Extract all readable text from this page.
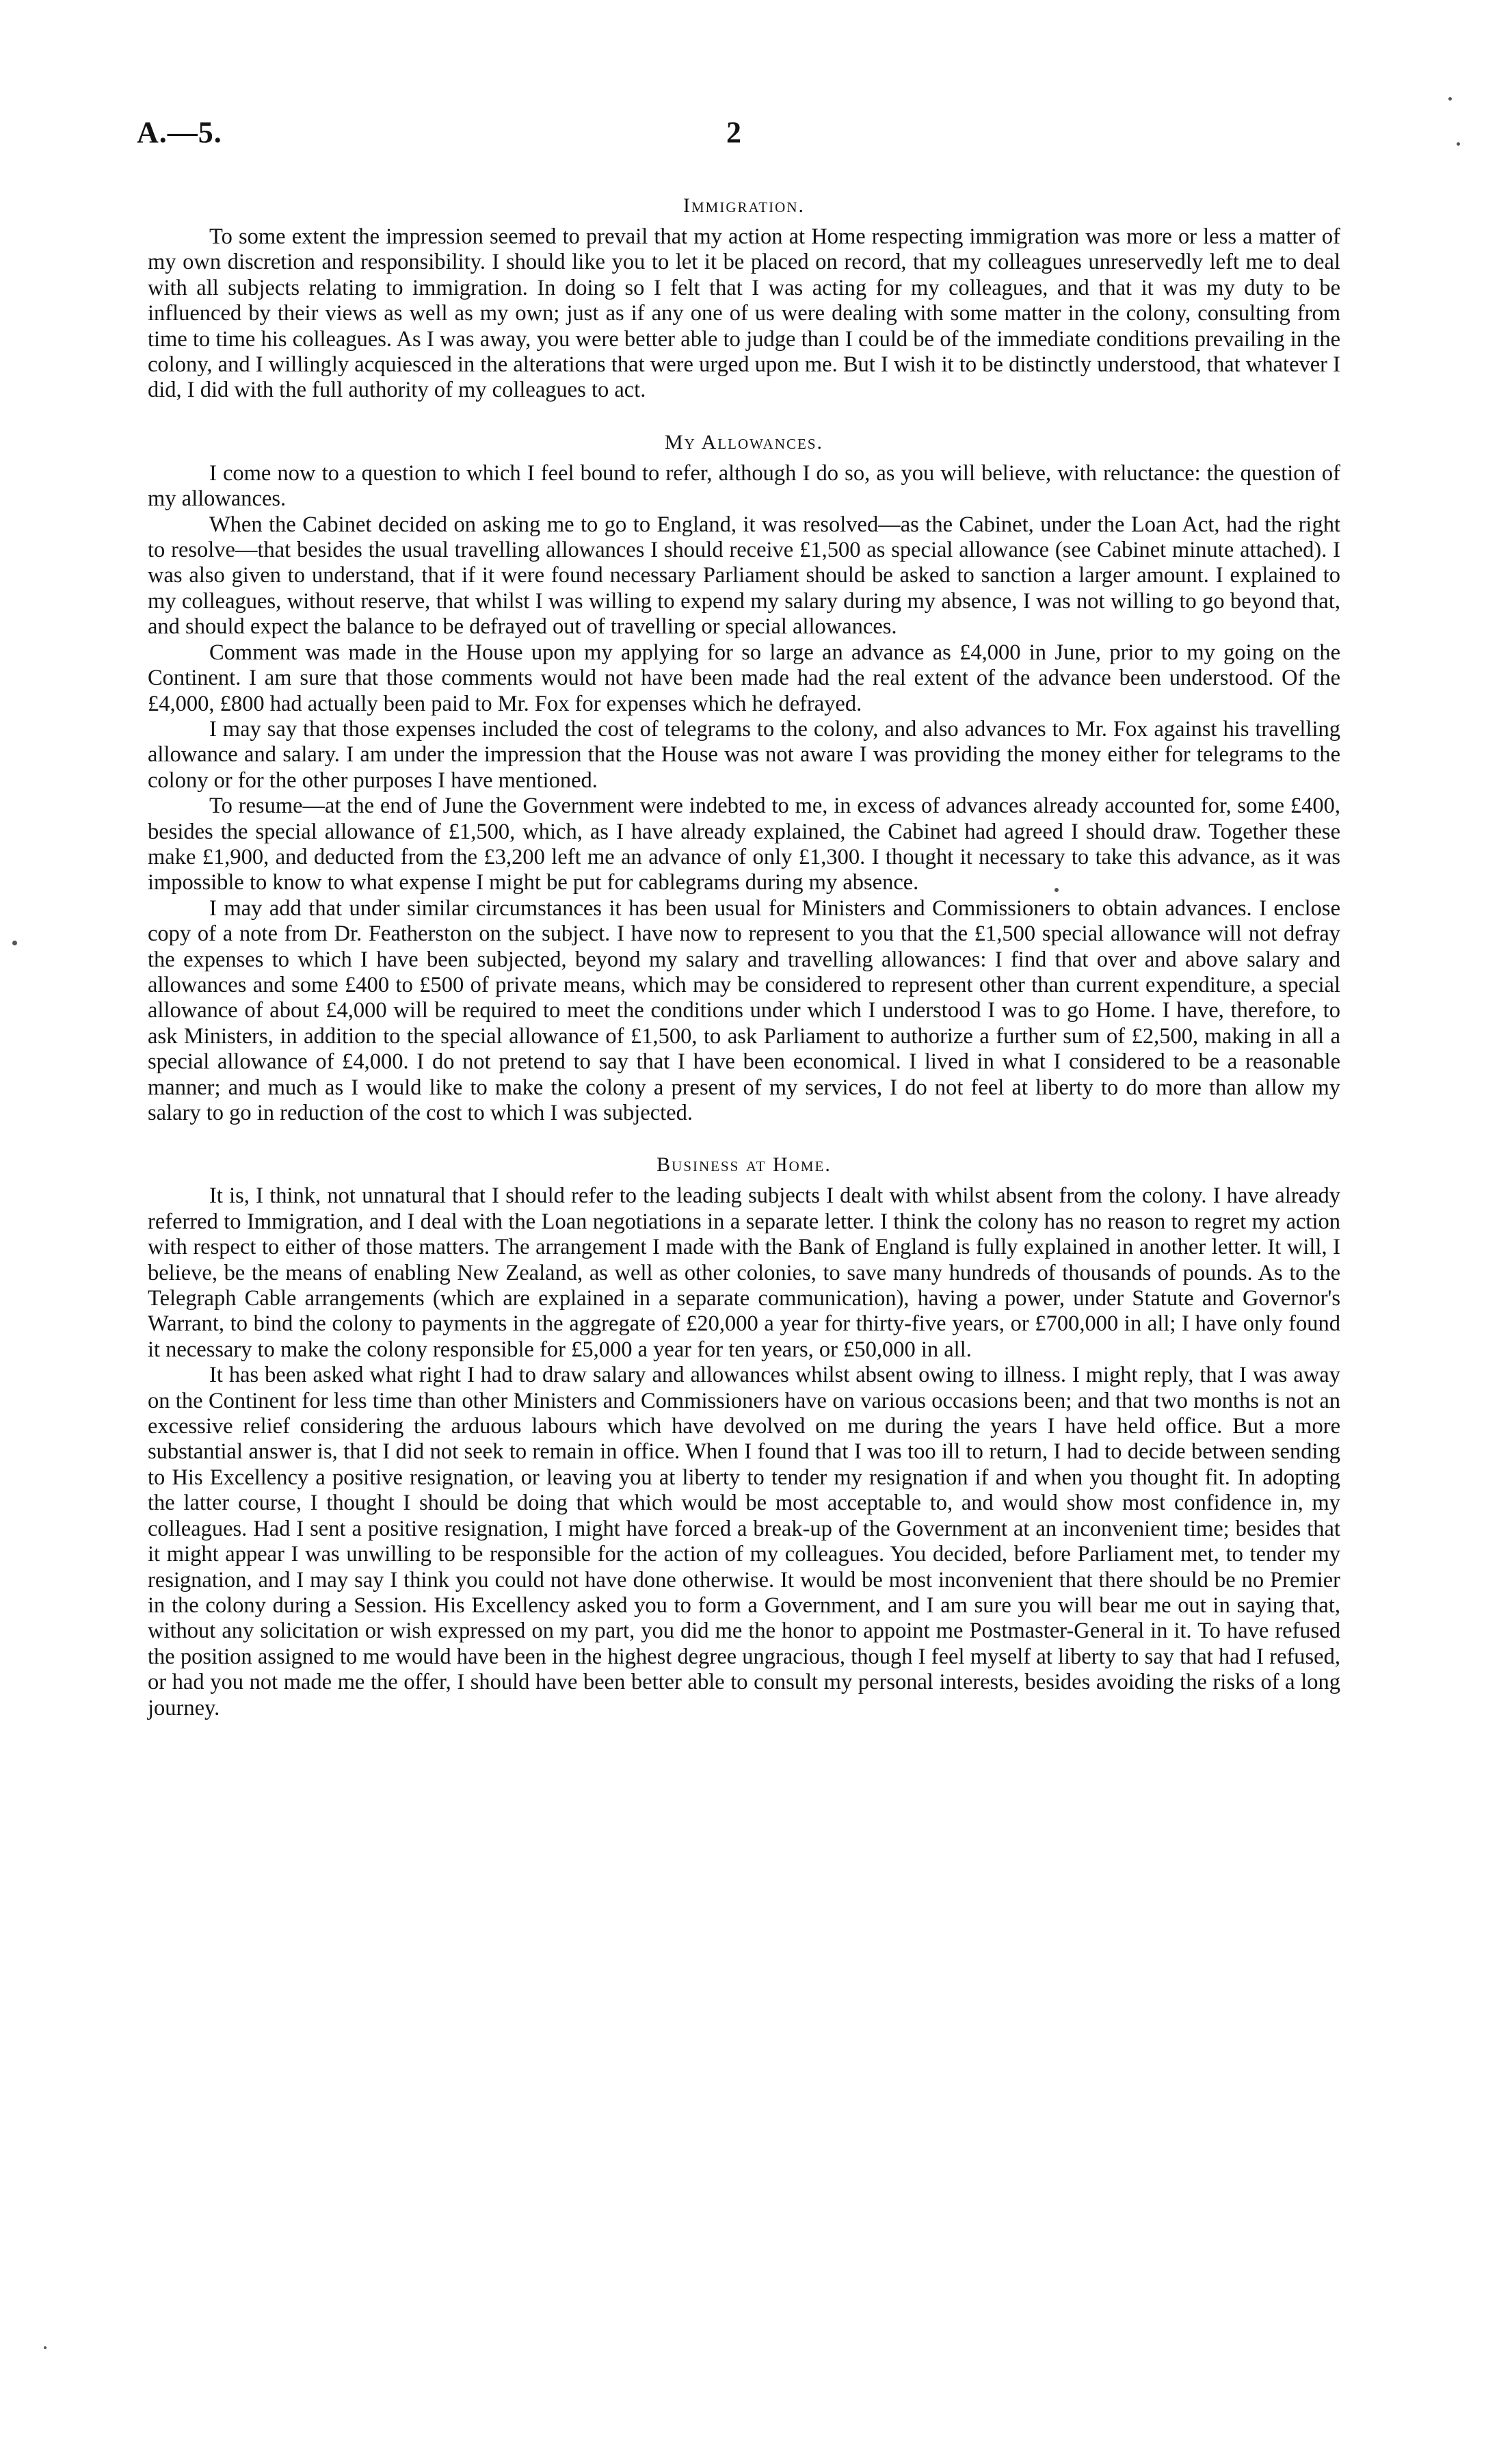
A.—5.	2
Immigration.

To some extent the impression seemed to prevail that my action at Home respecting immigration was more or less a matter of my own discretion and responsibility. I should like you to let it be placed on record, that my colleagues unreservedly left me to deal with all subjects relating to immigration. In doing so I felt that I was acting for my colleagues, and that it was my duty to be influenced by their views as well as my own; just as if any one of us were dealing with some matter in the colony, consulting from time to time his colleagues. As I was away, you were better able to judge than I could be of the immediate conditions prevailing in the colony, and I willingly acquiesced in the alterations that were urged upon me. But I wish it to be distinctly understood, that whatever I did, I did with the full authority of my colleagues to act.

My Allowances.

I come now to a question to which I feel bound to refer, although I do so, as you will believe, with reluctance: the question of my allowances.

When the Cabinet decided on asking me to go to England, it was resolved—as the Cabinet, under the Loan Act, had the right to resolve—that besides the usual travelling allowances I should receive £1,500 as special allowance (see Cabinet minute attached). I was also given to understand, that if it were found necessary Parliament should be asked to sanction a larger amount. I explained to my colleagues, without reserve, that whilst I was willing to expend my salary during my absence, I was not willing to go beyond that, and should expect the balance to be defrayed out of travelling or special allowances.

Comment was made in the House upon my applying for so large an advance as £4,000 in June, prior to my going on the Continent. I am sure that those comments would not have been made had the real extent of the advance been understood. Of the £4,000, £800 had actually been paid to Mr. Fox for expenses which he defrayed.

I may say that those expenses included the cost of telegrams to the colony, and also advances to Mr. Fox against his travelling allowance and salary. I am under the impression that the House was not aware I was providing the money either for telegrams to the colony or for the other purposes I have mentioned.

To resume—at the end of June the Government were indebted to me, in excess of advances already accounted for, some £400, besides the special allowance of £1,500, which, as I have already explained, the Cabinet had agreed I should draw. Together these make £1,900, and deducted from the £3,200 left me an advance of only £1,300. I thought it necessary to take this advance, as it was impossible to know to what expense I might be put for cablegrams during my absence.

I may add that under similar circumstances it has been usual for Ministers and Commissioners to obtain advances. I enclose copy of a note from Dr. Featherston on the subject. I have now to represent to you that the £1,500 special allowance will not defray the expenses to which I have been subjected, beyond my salary and travelling allowances: I find that over and above salary and allowances and some £400 to £500 of private means, which may be considered to represent other than current expenditure, a special allowance of about £4,000 will be required to meet the conditions under which I understood I was to go Home. I have, therefore, to ask Ministers, in addition to the special allowance of £1,500, to ask Parliament to authorize a further sum of £2,500, making in all a special allowance of £4,000. I do not pretend to say that I have been economical. I lived in what I considered to be a reasonable manner; and much as I would like to make the colony a present of my services, I do not feel at liberty to do more than allow my salary to go in reduction of the cost to which I was subjected.

Business at Home.

It is, I think, not unnatural that I should refer to the leading subjects I dealt with whilst absent from the colony. I have already referred to Immigration, and I deal with the Loan negotiations in a separate letter. I think the colony has no reason to regret my action with respect to either of those matters. The arrangement I made with the Bank of England is fully explained in another letter. It will, I believe, be the means of enabling New Zealand, as well as other colonies, to save many hundreds of thousands of pounds. As to the Telegraph Cable arrangements (which are explained in a separate communication), having a power, under Statute and Governor's Warrant, to bind the colony to payments in the aggregate of £20,000 a year for thirty-five years, or £700,000 in all; I have only found it necessary to make the colony responsible for £5,000 a year for ten years, or £50,000 in all.

It has been asked what right I had to draw salary and allowances whilst absent owing to illness. I might reply, that I was away on the Continent for less time than other Ministers and Commissioners have on various occasions been; and that two months is not an excessive relief considering the arduous labours which have devolved on me during the years I have held office. But a more substantial answer is, that I did not seek to remain in office. When I found that I was too ill to return, I had to decide between sending to His Excellency a positive resignation, or leaving you at liberty to tender my resignation if and when you thought fit. In adopting the latter course, I thought I should be doing that which would be most acceptable to, and would show most confidence in, my colleagues. Had I sent a positive resignation, I might have forced a break-up of the Government at an inconvenient time; besides that it might appear I was unwilling to be responsible for the action of my colleagues. You decided, before Parliament met, to tender my resignation, and I may say I think you could not have done otherwise. It would be most inconvenient that there should be no Premier in the colony during a Session. His Excellency asked you to form a Government, and I am sure you will bear me out in saying that, without any solicitation or wish expressed on my part, you did me the honor to appoint me Postmaster-General in it. To have refused the position assigned to me would have been in the highest degree ungracious, though I feel myself at liberty to say that had I refused, or had you not made me the offer, I should have been better able to consult my personal interests, besides avoiding the risks of a long journey.
